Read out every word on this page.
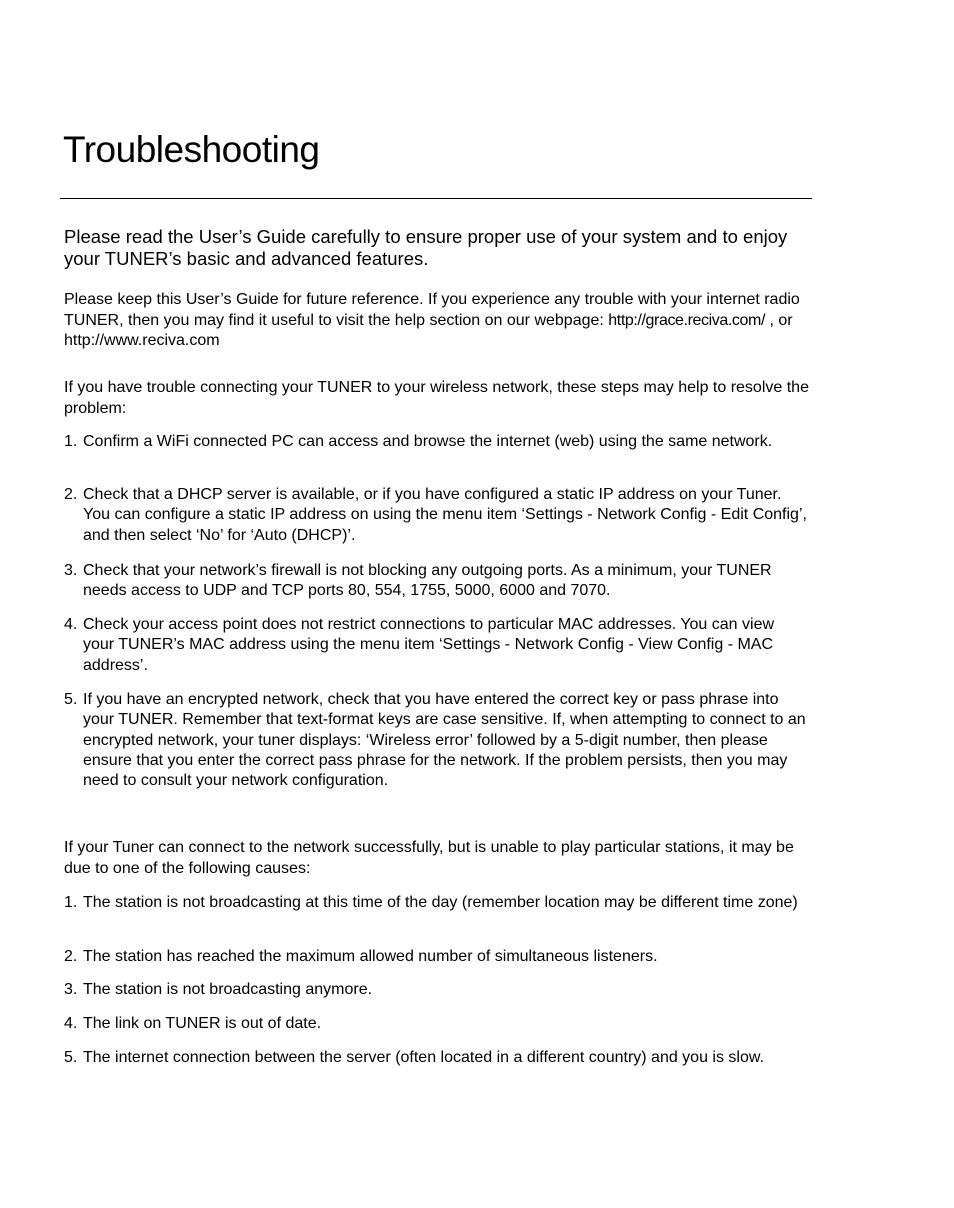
Troubleshooting

Please read the User’s Guide carefully to ensure proper use of your system and to enjoy your TUNER’s basic and advanced features.

Please keep this User’s Guide for future reference. If you experience any trouble with your internet radio TUNER, then you may find it useful to visit the help section on our webpage: http://grace.reciva.com/ , or http://www.reciva.com

If you have trouble connecting your TUNER to your wireless network, these steps may help to resolve the problem:

1. Confirm a WiFi connected PC can access and browse the internet (web) using the same network.
2. Check that a DHCP server is available, or if you have configured a static IP address on your Tuner. You can configure a static IP address on using the menu item ‘Settings - Network Config - Edit Config’, and then select ‘No’ for ‘Auto (DHCP)’.
3. Check that your network’s firewall is not blocking any outgoing ports. As a minimum, your TUNER needs access to UDP and TCP ports 80, 554, 1755, 5000, 6000 and 7070.
4. Check your access point does not restrict connections to particular MAC addresses. You can view your TUNER’s MAC address using the menu item ‘Settings - Network Config - View Config - MAC address’.
5. If you have an encrypted network, check that you have entered the correct key or pass phrase into your TUNER. Remember that text-format keys are case sensitive. If, when attempting to connect to an encrypted network, your tuner displays: ‘Wireless error’ followed by a 5-digit number, then please ensure that you enter the correct pass phrase for the network. If the problem persists, then you may need to consult your network configuration.

If your Tuner can connect to the network successfully, but is unable to play particular stations, it may be due to one of the following causes:

1. The station is not broadcasting at this time of the day (remember location may be different time zone)
2. The station has reached the maximum allowed number of simultaneous listeners.
3. The station is not broadcasting anymore.
4. The link on TUNER is out of date.
5. The internet connection between the server (often located in a different country) and you is slow.
